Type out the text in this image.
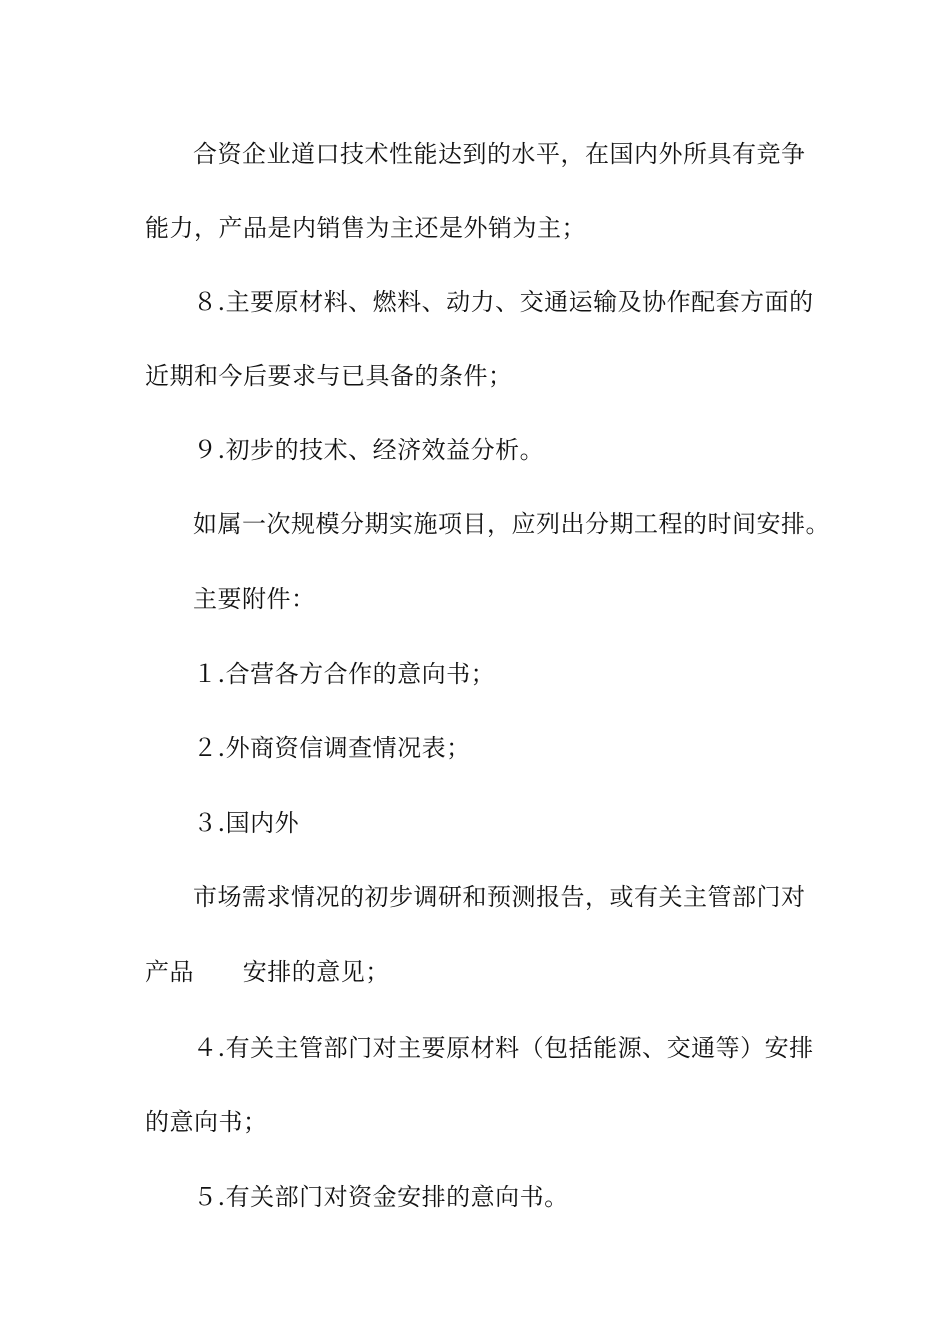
合资企业道口技术性能达到的水平，在国内外所具有竞争
能力，产品是内销售为主还是外销为主；
８.主要原材料、燃料、动力、交通运输及协作配套方面的
近期和今后要求与已具备的条件；
９.初步的技术、经济效益分析。
如属一次规模分期实施项目，应列出分期工程的时间安排。
主要附件：
１.合营各方合作的意向书；
２.外商资信调查情况表；
３.国内外
市场需求情况的初步调研和预测报告，或有关主管部门对
产品      安排的意见；
４.有关主管部门对主要原材料（包括能源、交通等）安排
的意向书；
５.有关部门对资金安排的意向书。
